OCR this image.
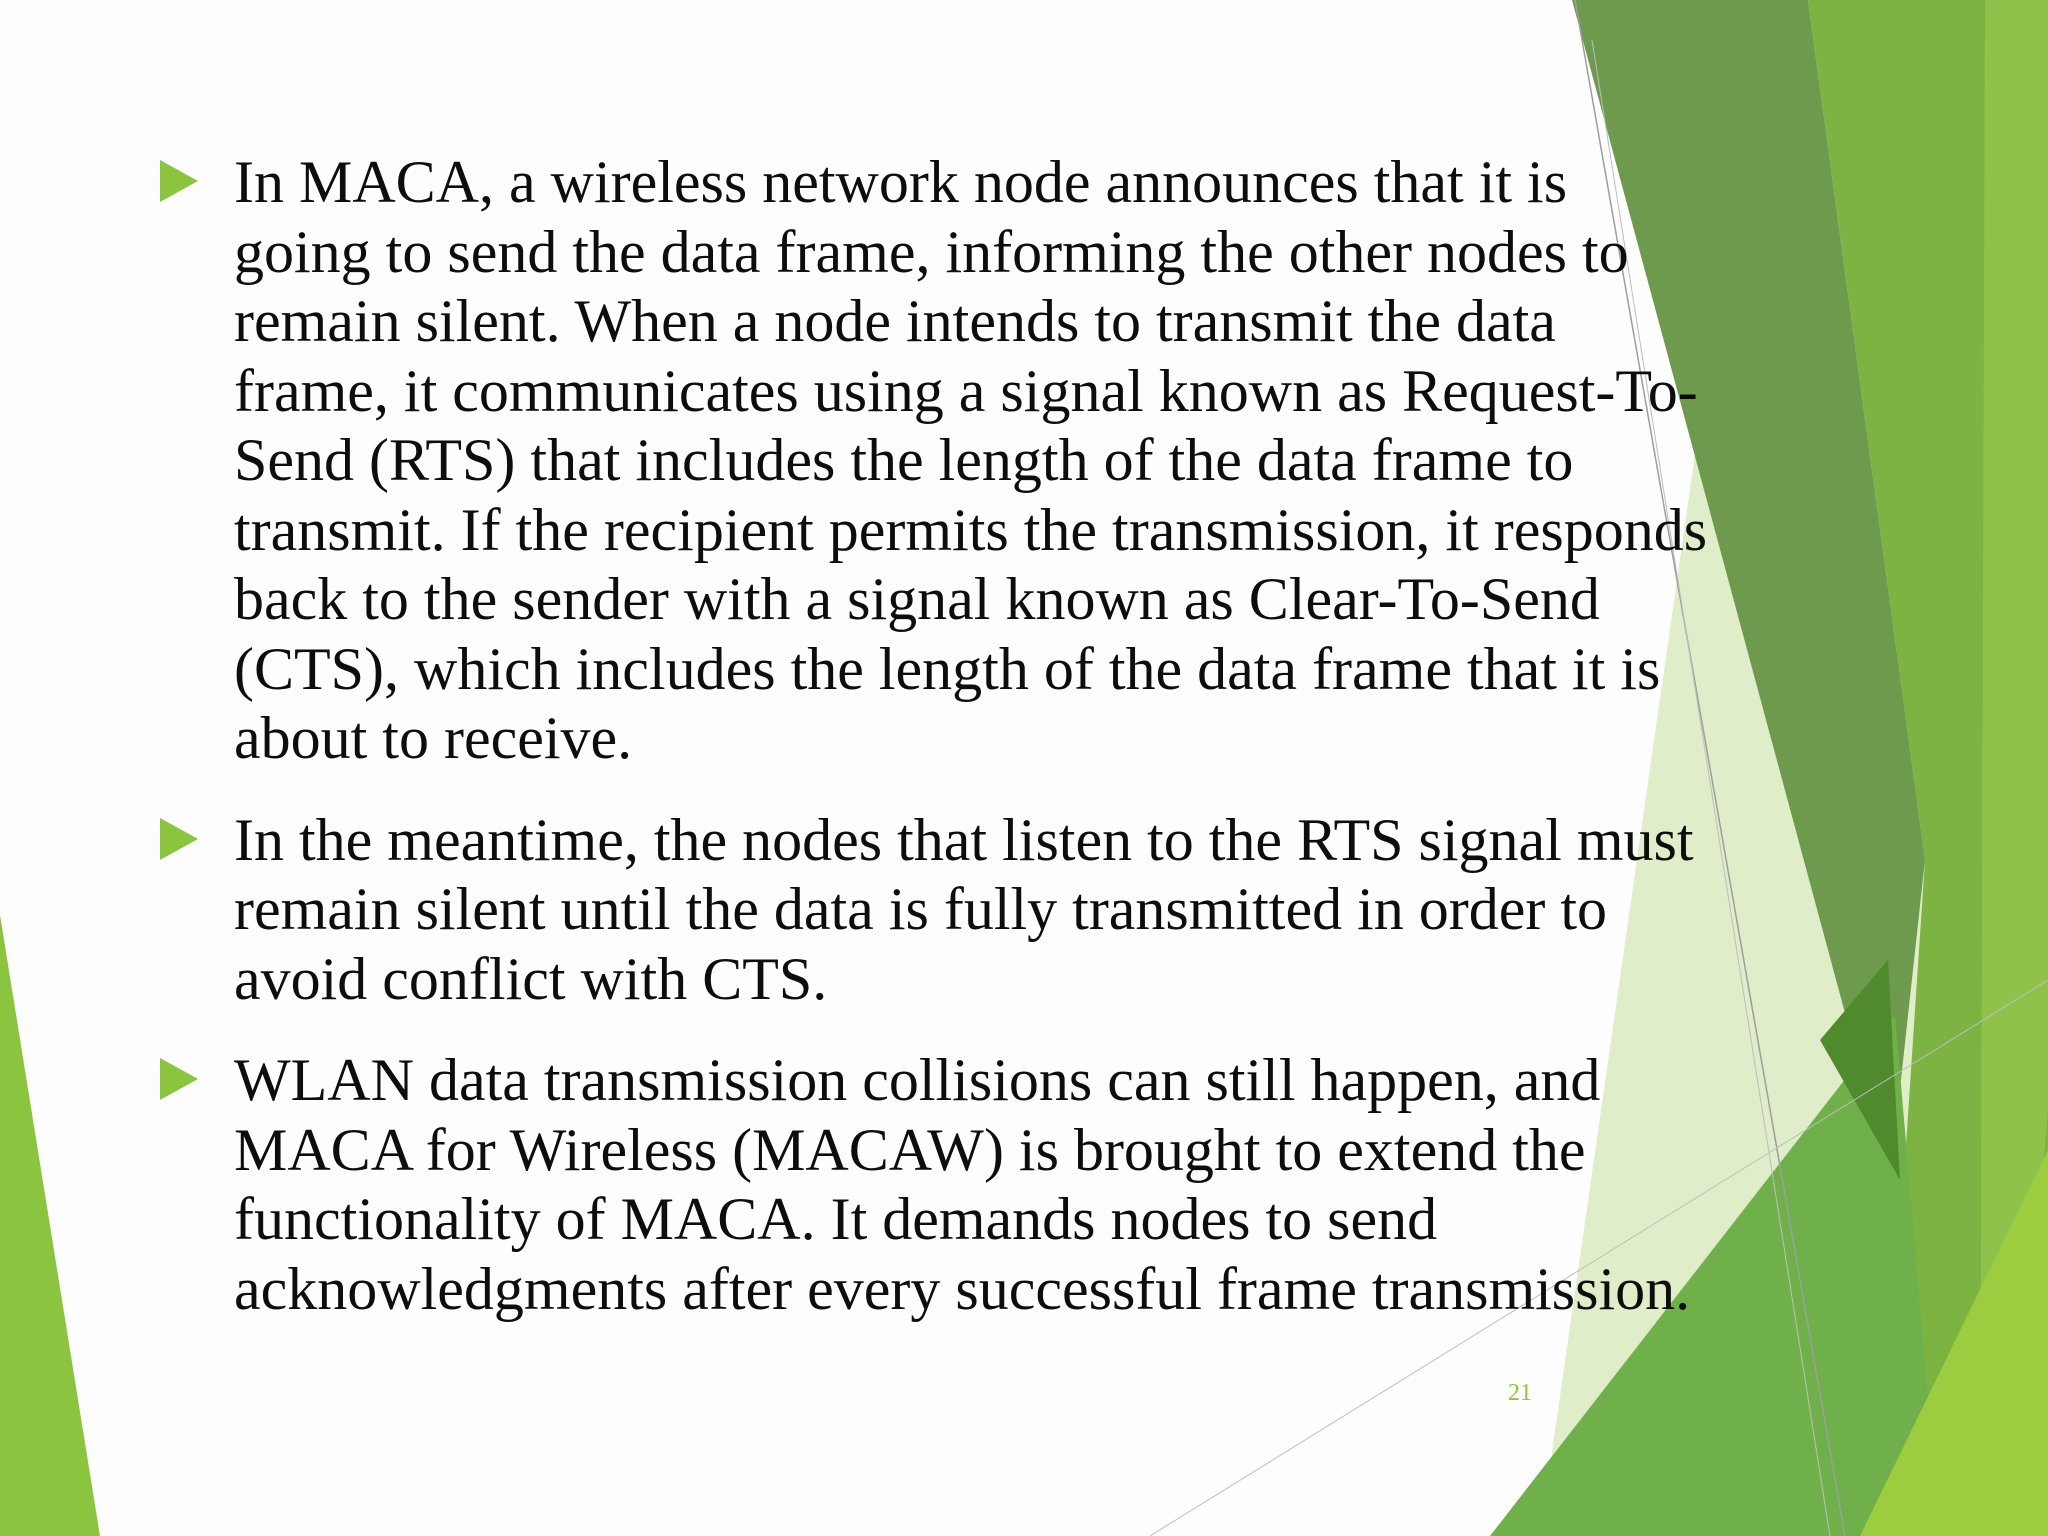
In MACA, a wireless network node announces that it is going to send the data frame, informing the other nodes to remain silent. When a node intends to transmit the data frame, it communicates using a signal known as Request-To-Send (RTS) that includes the length of the data frame to transmit. If the recipient permits the transmission, it responds back to the sender with a signal known as Clear-To-Send (CTS), which includes the length of the data frame that it is about to receive.
In the meantime, the nodes that listen to the RTS signal must remain silent until the data is fully transmitted in order to avoid conflict with CTS.
WLAN data transmission collisions can still happen, and MACA for Wireless (MACAW) is brought to extend the functionality of MACA. It demands nodes to send acknowledgments after every successful frame transmission.
21
